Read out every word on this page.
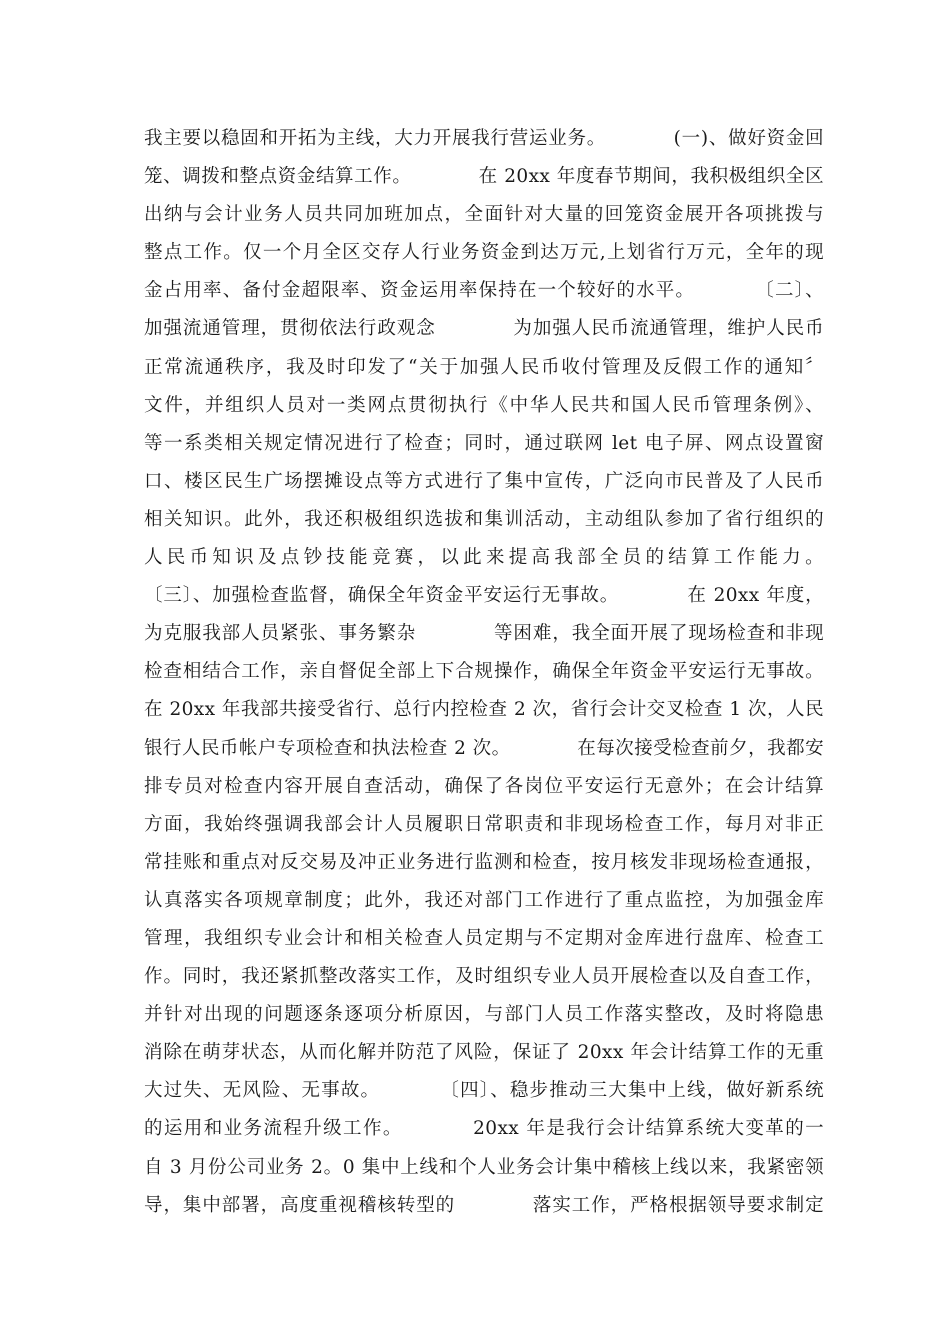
我主要以稳固和开拓为主线，大力开展我行营运业务。　　　　(一)、做好资金回
笼、调拨和整点资金结算工作。　　　　在 20xx 年度春节期间，我积极组织全区
出纳与会计业务人员共同加班加点，全面针对大量的回笼资金展开各项挑拨与
整点工作。仅一个月全区交存人行业务资金到达万元,上划省行万元，全年的现
金占用率、备付金超限率、资金运用率保持在一个较好的水平。　　　　〔二〕、
加强流通管理，贯彻依法行政观念　　　　为加强人民币流通管理，维护人民币
正常流通秩序，我及时印发了“关于加强人民币收付管理及反假工作的通知〞
文件，并组织人员对一类网点贯彻执行《中华人民共和国人民币管理条例》、
等一系类相关规定情况进行了检查；同时，通过联网 let 电子屏、网点设置窗
口、楼区民生广场摆摊设点等方式进行了集中宣传，广泛向市民普及了人民币
相关知识。此外，我还积极组织选拔和集训活动，主动组队参加了省行组织的
人民币知识及点钞技能竞赛，以此来提高我部全员的结算工作能力。
〔三〕、加强检查监督，确保全年资金平安运行无事故。　　　　在 20xx 年度，
为克服我部人员紧张、事务繁杂　　　　等困难，我全面开展了现场检查和非现
检查相结合工作，亲自督促全部上下合规操作，确保全年资金平安运行无事故。
在 20xx 年我部共接受省行、总行内控检查 2 次，省行会计交叉检查 1 次，人民
银行人民币帐户专项检查和执法检查 2 次。　　　　在每次接受检查前夕，我都安
排专员对检查内容开展自查活动，确保了各岗位平安运行无意外；在会计结算
方面，我始终强调我部会计人员履职日常职责和非现场检查工作，每月对非正
常挂账和重点对反交易及冲正业务进行监测和检查，按月核发非现场检查通报，
认真落实各项规章制度；此外，我还对部门工作进行了重点监控，为加强金库
管理，我组织专业会计和相关检查人员定期与不定期对金库进行盘库、检查工
作。同时，我还紧抓整改落实工作，及时组织专业人员开展检查以及自查工作，
并针对出现的问题逐条逐项分析原因，与部门人员工作落实整改，及时将隐患
消除在萌芽状态，从而化解并防范了风险，保证了 20xx 年会计结算工作的无重
大过失、无风险、无事故。　　　　〔四〕、稳步推动三大集中上线，做好新系统
的运用和业务流程升级工作。　　　　20xx 年是我行会计结算系统大变革的一
自 3 月份公司业务 2。0 集中上线和个人业务会计集中稽核上线以来，我紧密领
导，集中部署，高度重视稽核转型的　　　　落实工作，严格根据领导要求制定
